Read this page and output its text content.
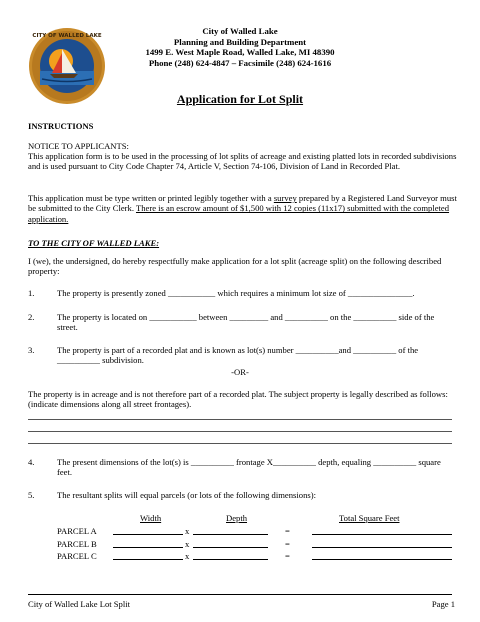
CITY OF WALLED LAKE	City of Walled Lake
Planning and Building Department
1499 E. West Maple Road, Walled Lake, MI 48390
Phone (248) 624-4847 – Facsimile (248) 624-1616
Application for Lot Split
INSTRUCTIONS
NOTICE TO APPLICANTS:
This application form is to be used in the processing of lot splits of acreage and existing platted lots in recorded subdivisions and is used pursuant to City Code Chapter 74, Article V, Section 74-106, Division of Land in Recorded Plat.
This application must be type written or printed legibly together with a survey prepared by a Registered Land Surveyor must be submitted to the City Clerk. There is an escrow amount of $1,500 with 12 copies (11x17) submitted with the completed application.
TO THE CITY OF WALLED LAKE:
I (we), the undersigned, do hereby respectfully make application for a lot split (acreage split) on the following described property:
1.	The property is presently zoned ___________ which requires a minimum lot size of _______________.
2.	The property is located on ___________ between _________ and __________ on the __________ side of the street.
3.	The property is part of a recorded plat and is known as lot(s) number __________and __________ of the __________ subdivision.
-OR-
The property is in acreage and is not therefore part of a recorded plat. The subject property is legally described as follows: (indicate dimensions along all street frontages).
4.	The present dimensions of the lot(s) is __________ frontage X__________ depth, equaling __________ square feet.
5.	The resultant splits will equal parcels (or lots of the following dimensions):
Width	Depth	Total Square Feet
PARCEL A	x	=
PARCEL B	x	=
PARCEL C	x	=
City of Walled Lake Lot Split	Page 1
